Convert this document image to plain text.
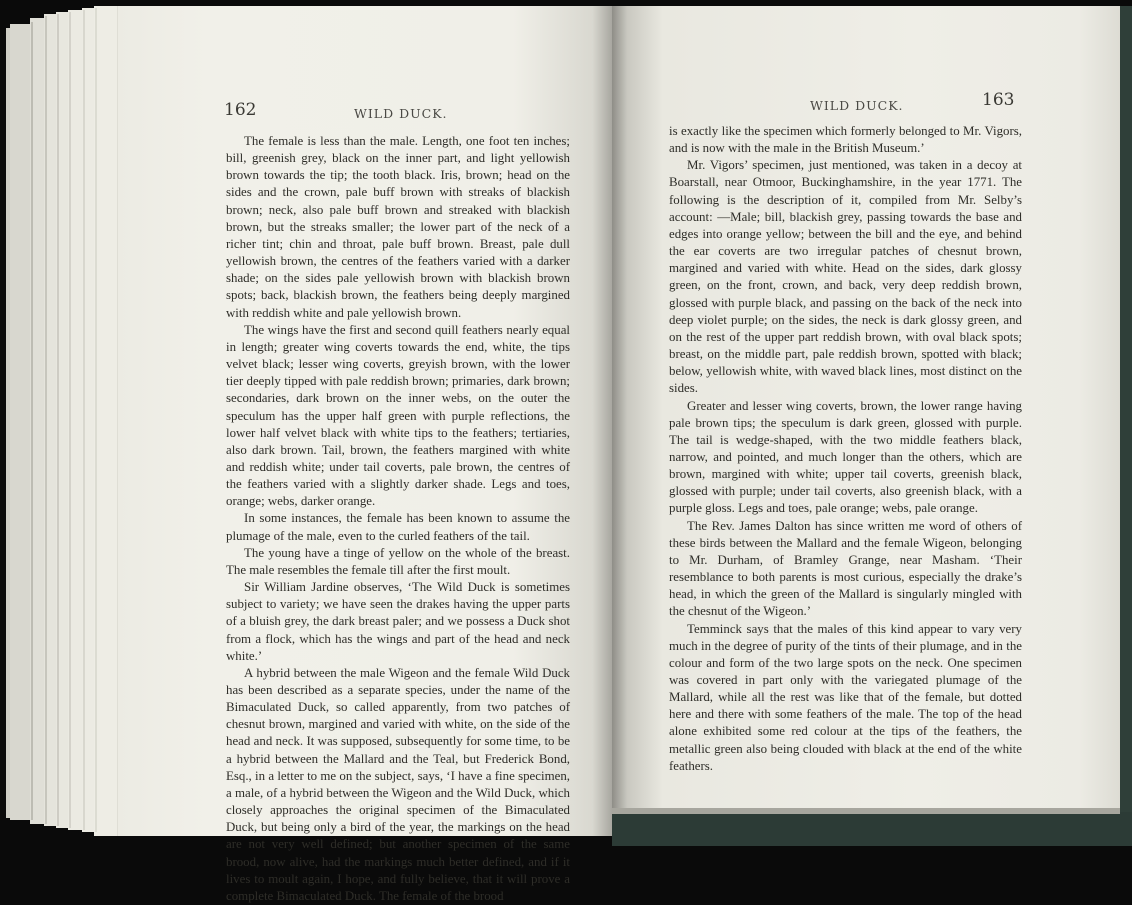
162	WILD DUCK.

The female is less than the male. Length, one foot ten inches; bill, greenish grey, black on the inner part, and light yellowish brown towards the tip; the tooth black. Iris, brown; head on the sides and the crown, pale buff brown with streaks of blackish brown; neck, also pale buff brown and streaked with blackish brown, but the streaks smaller; the lower part of the neck of a richer tint; chin and throat, pale buff brown. Breast, pale dull yellowish brown, the centres of the feathers varied with a darker shade; on the sides pale yellowish brown with blackish brown spots; back, blackish brown, the feathers being deeply margined with reddish white and pale yellowish brown.

The wings have the first and second quill feathers nearly equal in length; greater wing coverts towards the end, white, the tips velvet black; lesser wing coverts, greyish brown, with the lower tier deeply tipped with pale reddish brown; primaries, dark brown; secondaries, dark brown on the inner webs, on the outer the speculum has the upper half green with purple reflections, the lower half velvet black with white tips to the feathers; tertiaries, also dark brown. Tail, brown, the feathers margined with white and reddish white; under tail coverts, pale brown, the centres of the feathers varied with a slightly darker shade. Legs and toes, orange; webs, darker orange.

In some instances, the female has been known to assume the plumage of the male, even to the curled feathers of the tail.

The young have a tinge of yellow on the whole of the breast. The male resembles the female till after the first moult.

Sir William Jardine observes, ‘The Wild Duck is sometimes subject to variety; we have seen the drakes having the upper parts of a bluish grey, the dark breast paler; and we possess a Duck shot from a flock, which has the wings and part of the head and neck white.’

A hybrid between the male Wigeon and the female Wild Duck has been described as a separate species, under the name of the Bimaculated Duck, so called apparently, from two patches of chesnut brown, margined and varied with white, on the side of the head and neck. It was supposed, subsequently for some time, to be a hybrid between the Mallard and the Teal, but Frederick Bond, Esq., in a letter to me on the subject, says, ‘I have a fine specimen, a male, of a hybrid between the Wigeon and the Wild Duck, which closely approaches the original specimen of the Bimaculated Duck, but being only a bird of the year, the markings on the head are not very well defined; but another specimen of the same brood, now alive, had the markings much better defined, and if it lives to moult again, I hope, and fully believe, that it will prove a complete Bimaculated Duck. The female of the brood

WILD DUCK.	163

is exactly like the specimen which formerly belonged to Mr. Vigors, and is now with the male in the British Museum.’

Mr. Vigors’ specimen, just mentioned, was taken in a decoy at Boarstall, near Otmoor, Buckinghamshire, in the year 1771. The following is the description of it, compiled from Mr. Selby’s account: —Male; bill, blackish grey, passing towards the base and edges into orange yellow; between the bill and the eye, and behind the ear coverts are two irregular patches of chesnut brown, margined and varied with white. Head on the sides, dark glossy green, on the front, crown, and back, very deep reddish brown, glossed with purple black, and passing on the back of the neck into deep violet purple; on the sides, the neck is dark glossy green, and on the rest of the upper part reddish brown, with oval black spots; breast, on the middle part, pale reddish brown, spotted with black; below, yellowish white, with waved black lines, most distinct on the sides.

Greater and lesser wing coverts, brown, the lower range having pale brown tips; the speculum is dark green, glossed with purple. The tail is wedge-shaped, with the two middle feathers black, narrow, and pointed, and much longer than the others, which are brown, margined with white; upper tail coverts, greenish black, glossed with purple; under tail coverts, also greenish black, with a purple gloss. Legs and toes, pale orange; webs, pale orange.

The Rev. James Dalton has since written me word of others of these birds between the Mallard and the female Wigeon, belonging to Mr. Durham, of Bramley Grange, near Masham. ‘Their resemblance to both parents is most curious, especially the drake’s head, in which the green of the Mallard is singularly mingled with the chesnut of the Wigeon.’

Temminck says that the males of this kind appear to vary very much in the degree of purity of the tints of their plumage, and in the colour and form of the two large spots on the neck. One specimen was covered in part only with the variegated plumage of the Mallard, while all the rest was like that of the female, but dotted here and there with some feathers of the male. The top of the head alone exhibited some red colour at the tips of the feathers, the metallic green also being clouded with black at the end of the white feathers.
